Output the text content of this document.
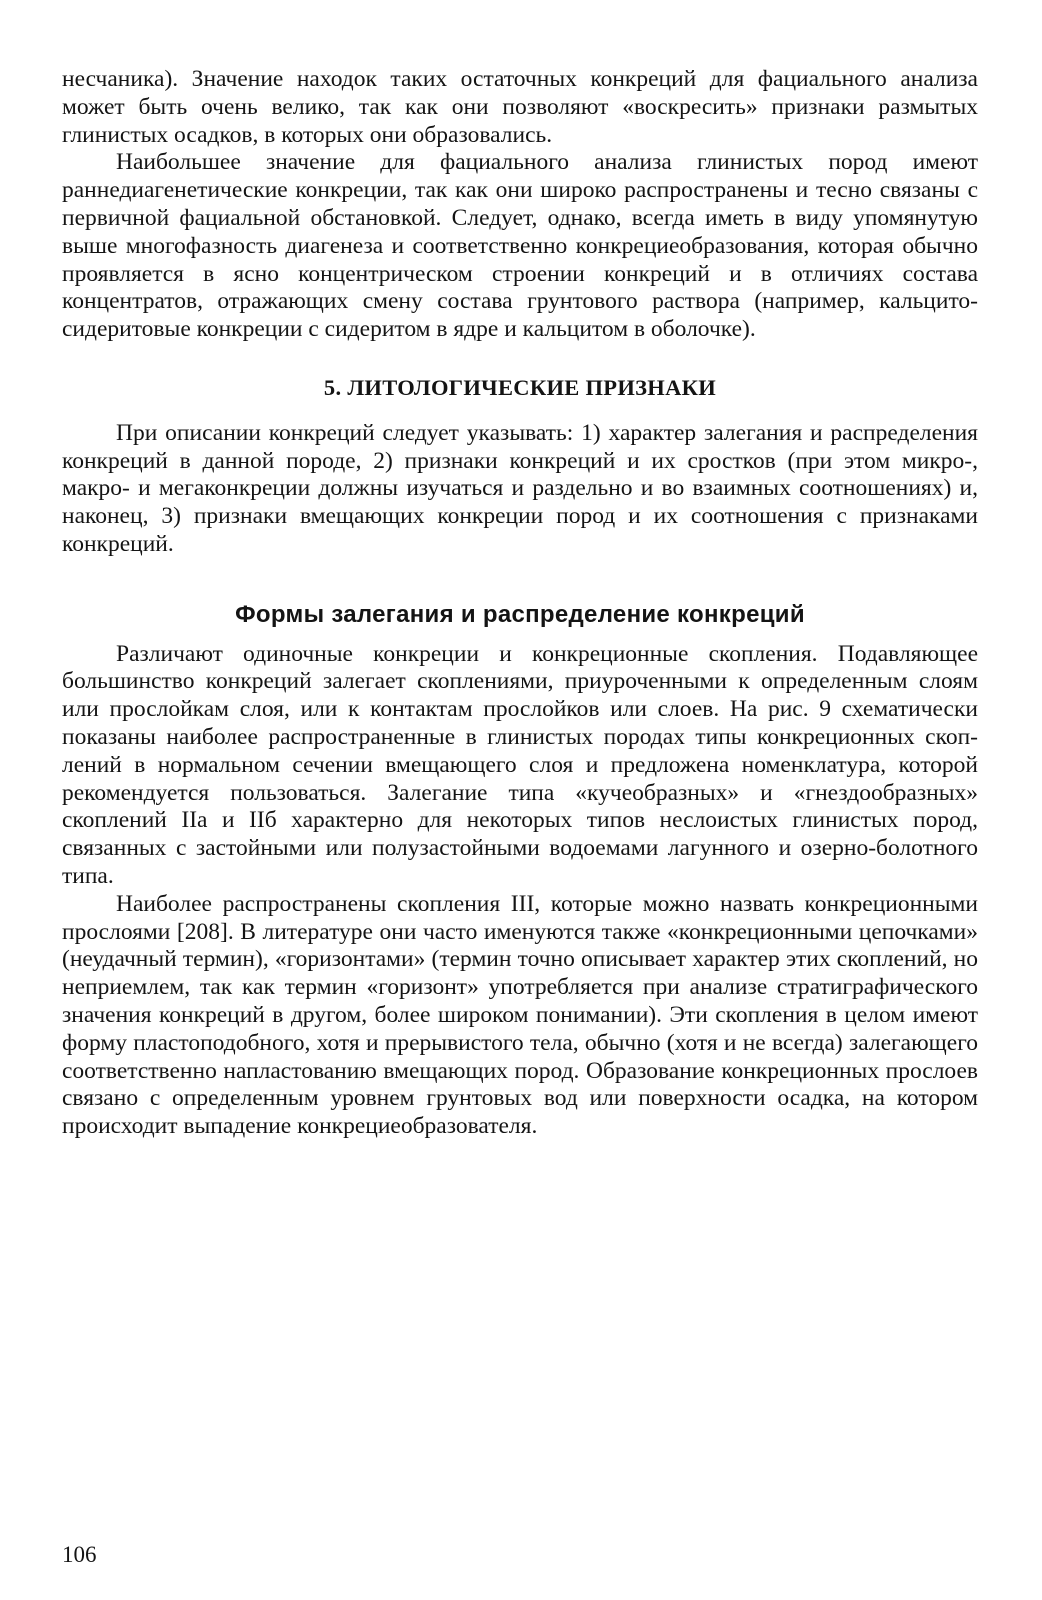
несчаника). Значение находок таких остаточных конкреций для фациального анализа может быть очень велико, так как они позволяют «воскресить» признаки размытых глинистых осадков, в которых они образовались.

Наибольшее значение для фациального анализа глинистых пород имеют раннедиагенетические конкреции, так как они широко распространены и тесно связаны с первичной фациальной обстановкой. Следует, однако, всегда иметь в виду упомянутую выше многофазность диагенеза и соответственно конкрециеобразования, которая обычно проявляется в ясно концентрическом строении конкреций и в отличиях состава концентратов, отражающих смену состава грунтового раствора (например, кальцито-сидеритовые конкреции с сидеритом в ядре и кальцитом в оболочке).

5. ЛИТОЛОГИЧЕСКИЕ ПРИЗНАКИ

При описании конкреций следует указывать: 1) характер залегания и распределения конкреций в данной породе, 2) признаки конкреций и их сростков (при этом микро-, макро- и мегаконкреции должны изучаться и раздельно и во взаимных соотношениях) и, наконец, 3) признаки вмещающих конкреции пород и их соотношения с признаками конкреций.

Формы залегания и распределение конкреций

Различают одиночные конкреции и конкреционные скопления. Подавляющее большинство конкреций залегает скоплениями, приуроченными к определенным слоям или прослойкам слоя, или к контактам прослойков или слоев. На рис. 9 схематически показаны наиболее распространенные в глинистых породах типы конкреционных скоплений в нормальном сечении вмещающего слоя и предложена номенклатура, которой рекомендуется пользоваться. Залегание типа «кучеобразных» и «гнездообразных» скоплений IIa и IIб характерно для некоторых типов неслоистых глинистых пород, связанных с застойными или полузастойными водоемами лагунного и озерно-болотного типа.

Наиболее распространены скопления III, которые можно назвать конкреционными прослоями [208]. В литературе они часто именуются также «конкреционными цепочками» (неудачный термин), «горизонтами» (термин точно описывает характер этих скоплений, но неприемлем, так как термин «горизонт» употребляется при анализе стратиграфического значения конкреций в другом, более широком понимании). Эти скопления в целом имеют форму пластоподобного, хотя и прерывистого тела, обычно (хотя и не всегда) залегающего соответственно напластованию вмещающих пород. Образование конкреционных прослоев связано с определенным уровнем грунтовых вод или поверхности осадка, на котором происходит выпадение конкрециеобразователя.

106
